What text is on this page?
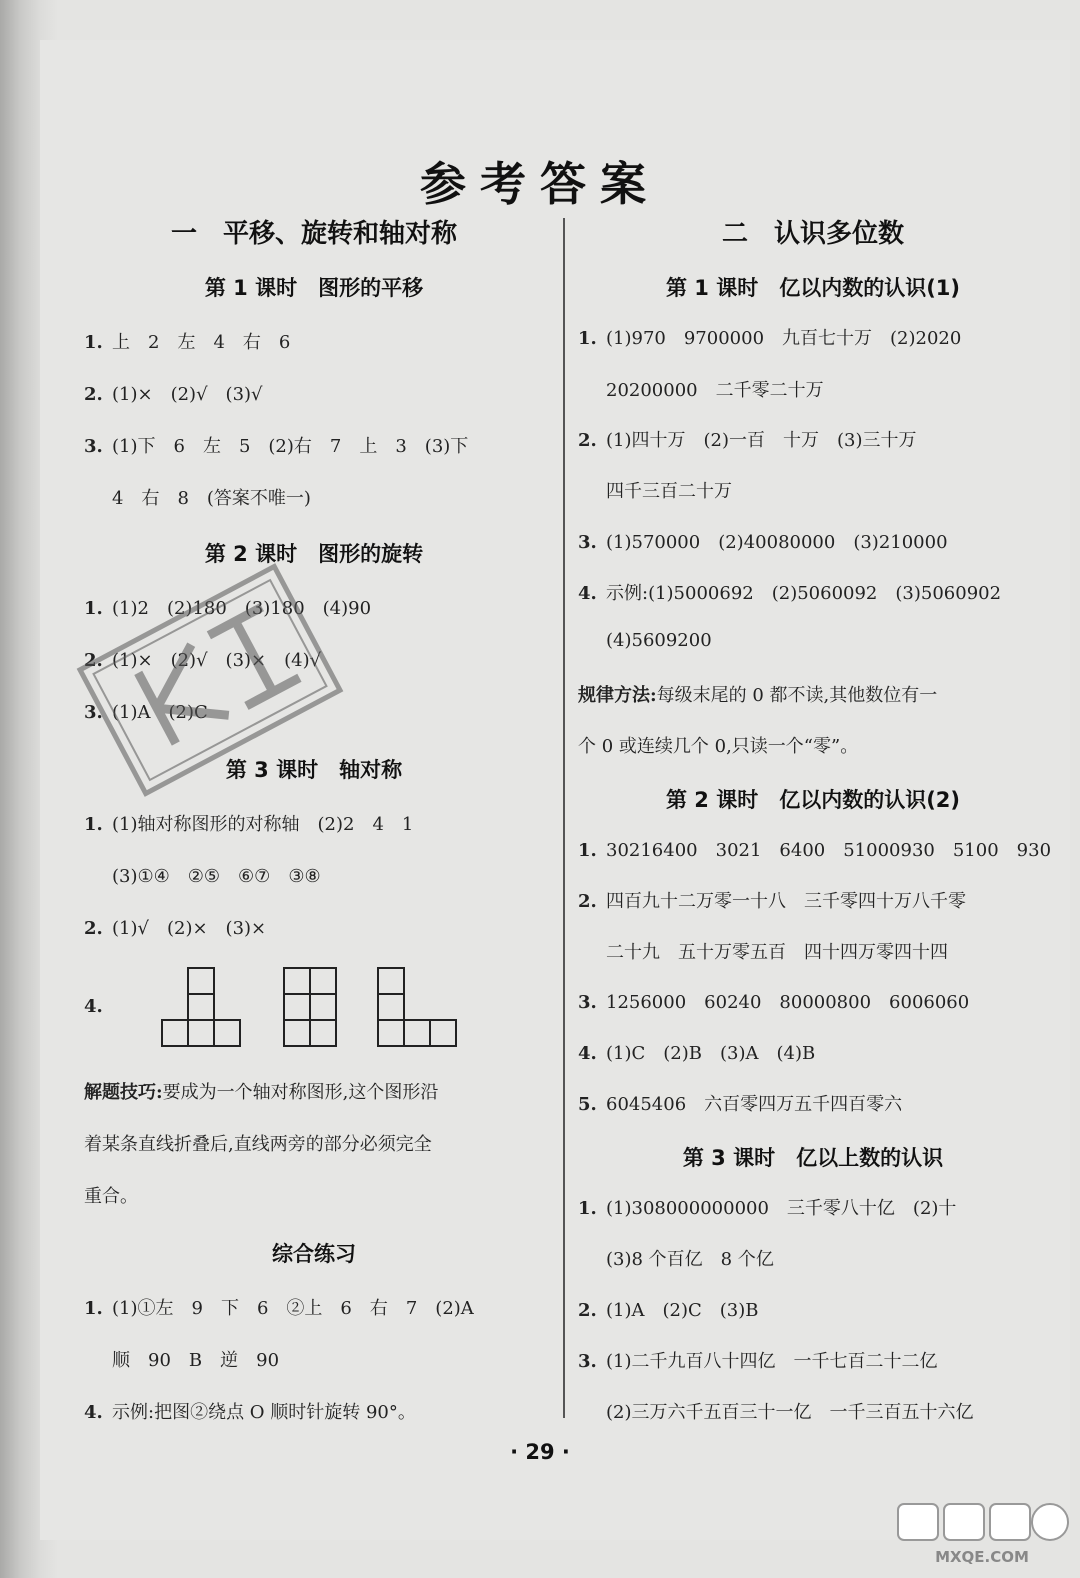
参考答案
一　平移、旋转和轴对称
第 1 课时　图形的平移
1. 上　2　左　4　右　6
2. (1)×　(2)√　(3)√
3. (1)下　6　左　5　(2)右　7　上　3　(3)下
4　右　8　(答案不唯一)
第 2 课时　图形的旋转
1. (1)2　(2)180　(3)180　(4)90
2. (1)×　(2)√　(3)×　(4)√
3. (1)A　(2)C
第 3 课时　轴对称
1. (1)轴对称图形的对称轴　(2)2　4　1
(3)①④　②⑤　⑥⑦　③⑧
2. (1)√　(2)×　(3)×
4.
解题技巧:要成为一个轴对称图形,这个图形沿
着某条直线折叠后,直线两旁的部分必须完全
重合。
综合练习
1. (1)①左　9　下　6　②上　6　右　7　(2)A
顺　90　B　逆　90
4. 示例:把图②绕点 O 顺时针旋转 90°。
二　认识多位数
第 1 课时　亿以内数的认识(1)
1. (1)970　9700000　九百七十万　(2)2020
20200000　二千零二十万
2. (1)四十万　(2)一百　十万　(3)三十万
四千三百二十万
3. (1)570000　(2)40080000　(3)210000
4. 示例:(1)5000692　(2)5060092　(3)5060902
(4)5609200
规律方法:每级末尾的 0 都不读,其他数位有一
个 0 或连续几个 0,只读一个“零”。
第 2 课时　亿以内数的认识(2)
1. 30216400　3021　6400　51000930　5100　930
2. 四百九十二万零一十八　三千零四十万八千零
二十九　五十万零五百　四十四万零四十四
3. 1256000　60240　80000800　6006060
4. (1)C　(2)B　(3)A　(4)B
5. 6045406　六百零四万五千四百零六
第 3 课时　亿以上数的认识
1. (1)308000000000　三千零八十亿　(2)十
(3)8 个百亿　8 个亿
2. (1)A　(2)C　(3)B
3. (1)二千九百八十四亿　一千七百二十二亿
(2)三万六千五百三十一亿　一千三百五十六亿
· 29 ·
MXQE.COM
